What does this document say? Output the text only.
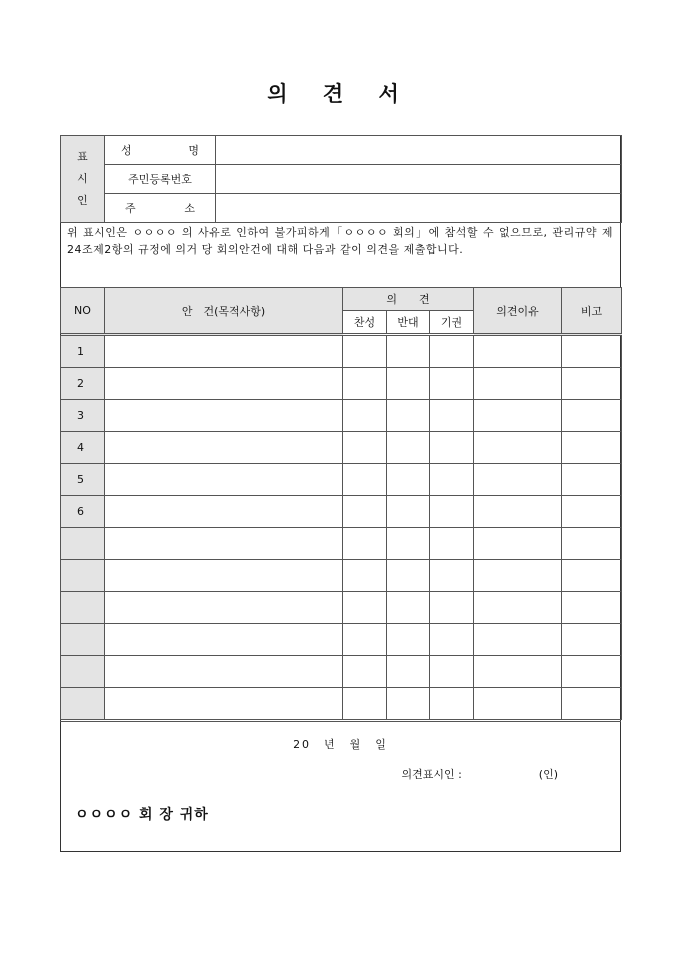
의 견 서
표
시
인	성 명	

	주민등록번호	

	주 소	

위 표시인은 ㅇㅇㅇㅇ 의 사유로 인하여 불가피하게「ㅇㅇㅇㅇ 회의」에 참석할 수 없으므로, 관리규약 제24조제2항의 규정에 의거 당 회의안건에 대해 다음과 같이 의견을 제출합니다.
NO	안　건(목적사항)	의　　견			의견이유	비고
		찬성	반대	기권		
1						
2						
3						
4						
5						
6						

20　년　월　일
의견표시인 :	(인)
ㅇㅇㅇㅇ 회 장 귀하
